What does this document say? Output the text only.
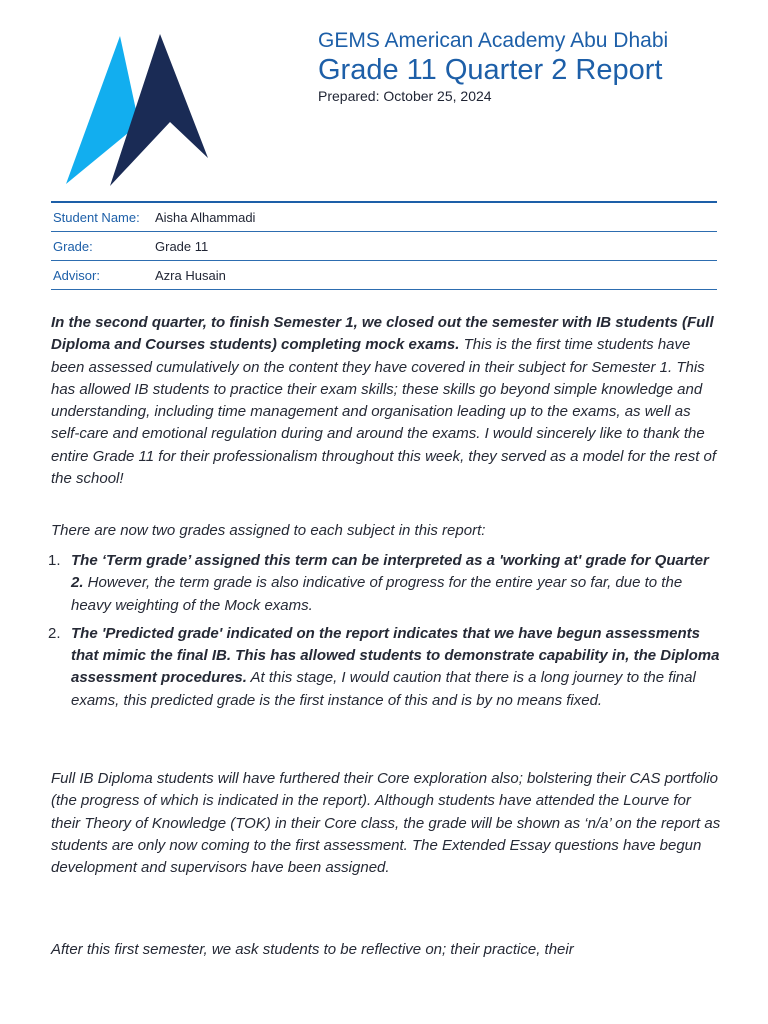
GEMS American Academy Abu Dhabi
Grade 11 Quarter 2 Report
Prepared: October 25, 2024
Student Name:	Aisha Alhammadi
Grade:	Grade 11
Advisor:	Azra Husain
In the second quarter, to finish Semester 1, we closed out the semester with IB students (Full Diploma and Courses students) completing mock exams. This is the first time students have been assessed cumulatively on the content they have covered in their subject for Semester 1. This has allowed IB students to practice their exam skills; these skills go beyond simple knowledge and understanding, including time management and organisation leading up to the exams, as well as self-care and emotional regulation during and around the exams. I would sincerely like to thank the entire Grade 11 for their professionalism throughout this week, they served as a model for the rest of the school!
There are now two grades assigned to each subject in this report:
1. The ‘Term grade’ assigned this term can be interpreted as a 'working at' grade for Quarter 2. However, the term grade is also indicative of progress for the entire year so far, due to the heavy weighting of the Mock exams.
2. The 'Predicted grade' indicated on the report indicates that we have begun assessments that mimic the final IB. This has allowed students to demonstrate capability in, the Diploma assessment procedures. At this stage, I would caution that there is a long journey to the final exams, this predicted grade is the first instance of this and is by no means fixed.
Full IB Diploma students will have furthered their Core exploration also; bolstering their CAS portfolio (the progress of which is indicated in the report). Although students have attended the Lourve for their Theory of Knowledge (TOK) in their Core class, the grade will be shown as ‘n/a’ on the report as students are only now coming to the first assessment. The Extended Essay questions have begun development and supervisors have been assigned.
After this first semester, we ask students to be reflective on; their practice, their
